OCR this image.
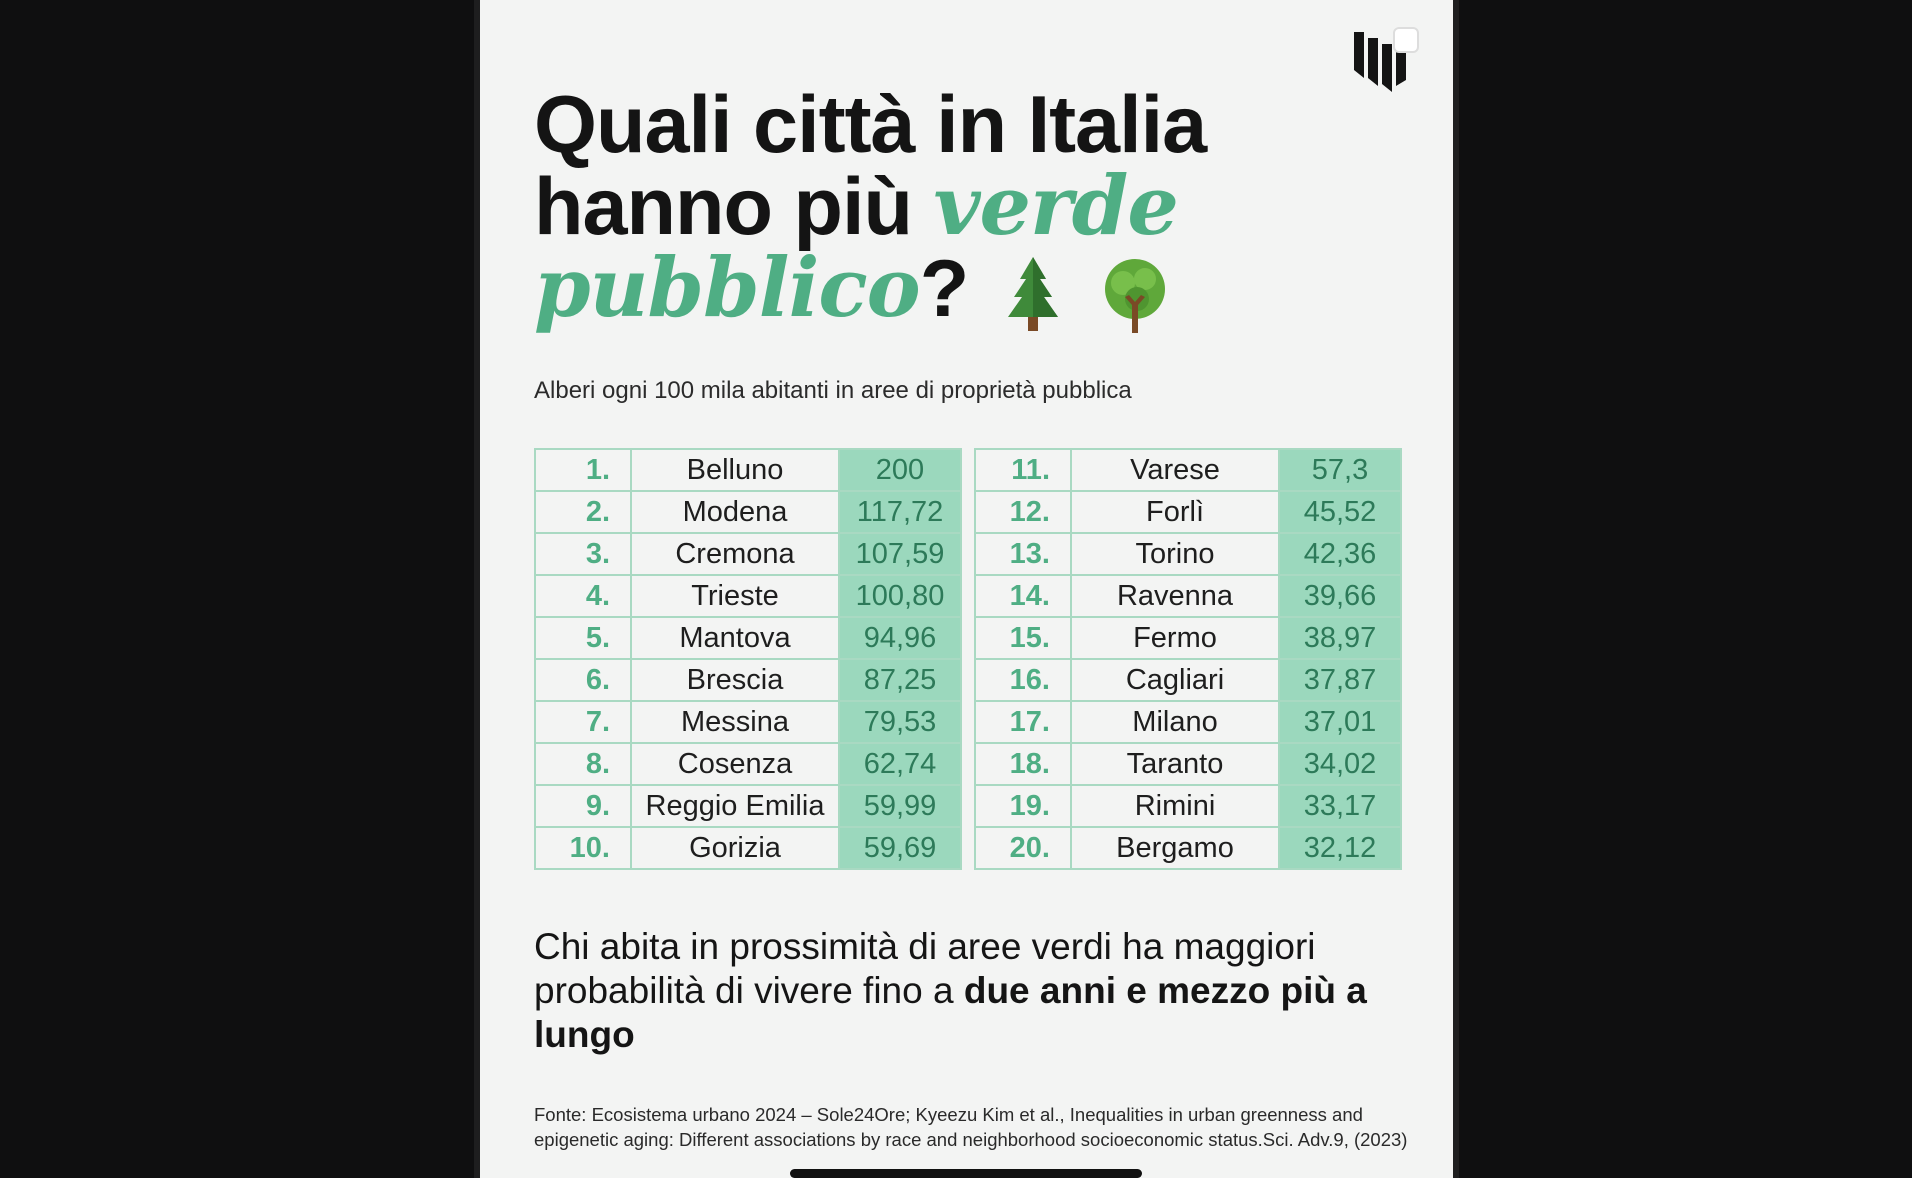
Quali città in Italia
hanno più verde
pubblico?
Alberi ogni 100 mila abitanti in aree di proprietà pubblica
1.	Belluno	200
2.	Modena	117,72
3.	Cremona	107,59
4.	Trieste	100,80
5.	Mantova	94,96
6.	Brescia	87,25
7.	Messina	79,53
8.	Cosenza	62,74
9.	Reggio Emilia	59,99
10.	Gorizia	59,69
11.	Varese	57,3
12.	Forlì	45,52
13.	Torino	42,36
14.	Ravenna	39,66
15.	Fermo	38,97
16.	Cagliari	37,87
17.	Milano	37,01
18.	Taranto	34,02
19.	Rimini	33,17
20.	Bergamo	32,12
Chi abita in prossimità di aree verdi ha maggiori probabilità di vivere fino a due anni e mezzo più a lungo
Fonte: Ecosistema urbano 2024 – Sole24Ore; Kyeezu Kim et al., Inequalities in urban greenness and epigenetic aging: Different associations by race and neighborhood socioeconomic status.Sci. Adv.9, (2023)
